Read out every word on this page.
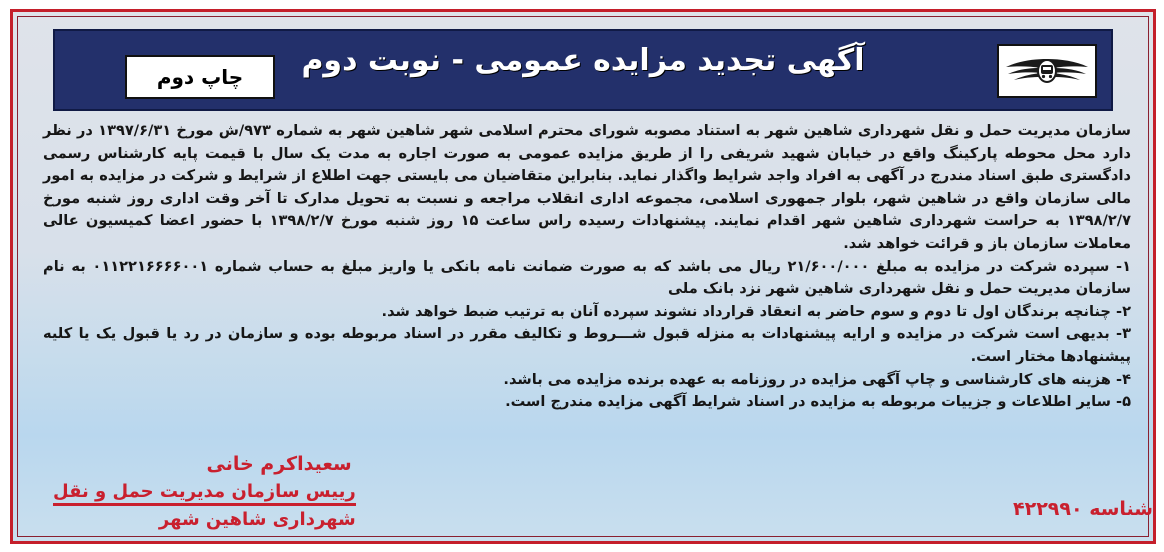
چاپ دوم	آگهی تجدید مزایده عمومی - نوبت دوم

سازمان مدیریت حمل و نقل شهرداری شاهین شهر به استناد مصوبه شورای محترم اسلامی شهر شاهین شهر به شماره ۹۷۳/ش مورخ ۱۳۹۷/۶/۳۱ در نظر دارد محل محوطه پارکینگ واقع در خیابان شهید شریفی را از طریق مزایده عمومی به صورت اجاره به مدت یک سال با قیمت پایه کارشناس رسمی دادگستری طبق اسناد مندرج در آگهی به افراد واجد شرایط واگذار نماید. بنابراین متقاضیان می بایستی جهت اطلاع از شرایط و شرکت در مزایده به امور مالی سازمان واقع در شاهین شهر، بلوار جمهوری اسلامی، مجموعه اداری انقلاب مراجعه و نسبت به تحویل مدارک تا آخر وقت اداری روز شنبه مورخ ۱۳۹۸/۲/۷ به حراست شهرداری شاهین شهر اقدام نمایند. پیشنهادات رسیده راس ساعت ۱۵ روز شنبه مورخ ۱۳۹۸/۲/۷ با حضور اعضا کمیسیون عالی معاملات سازمان باز و قرائت خواهد شد.

۱- سپرده شرکت در مزایده به مبلغ ۲۱/۶۰۰/۰۰۰ ریال می باشد که به صورت ضمانت نامه بانکی یا واریز مبلغ به حساب شماره ۰۱۱۲۲۱۶۶۶۶۰۰۱ به نام سازمان مدیریت حمل و نقل شهرداری شاهین شهر نزد بانک ملی
۲- چنانچه برندگان اول تا دوم و سوم حاضر به انعقاد قرارداد نشوند سپرده آنان به ترتیب ضبط خواهد شد.
۳- بدیهی است شرکت در مزایده و ارایه پیشنهادات به منزله قبول شـــروط و تکالیف مقرر در اسناد مربوطه بوده و سازمان در رد یا قبول یک یا کلیه پیشنهادها مختار است.
۴- هزینه های کارشناسی و چاپ آگهی مزایده در روزنامه به عهده برنده مزایده می باشد.
۵- سایر اطلاعات و جزییات مربوطه به مزایده در اسناد شرایط آگهی مزایده مندرج است.
سعیداکرم خانی
رییس سازمان مدیریت حمل و نقل
شهرداری شاهین شهر	شناسه ۴۲۲۹۹۰
